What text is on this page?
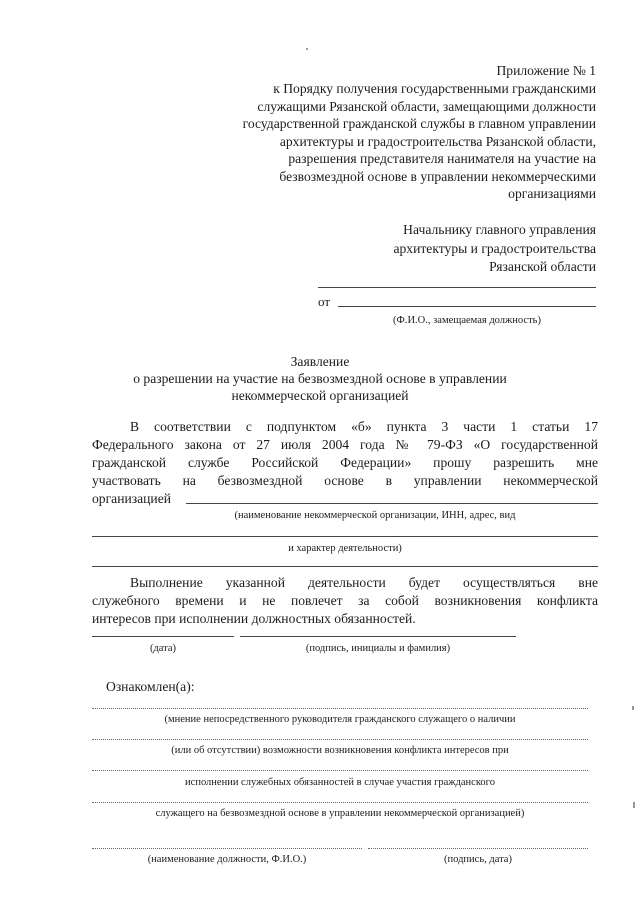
Приложение № 1
к Порядку получения государственными гражданскими
служащими Рязанской области, замещающими должности
государственной гражданской службы в главном управлении
архитектуры и градостроительства Рязанской области,
разрешения представителя нанимателя на участие на
безвозмездной основе в управлении некоммерческими
организациями
Начальнику главного управления
архитектуры и градостроительства
Рязанской области
от
(Ф.И.О., замещаемая должность)
Заявление
о разрешении на участие на безвозмездной основе в управлении
некоммерческой организацией
В соответствии с подпунктом «б» пункта 3 части 1 статьи 17
Федерального закона от 27 июля 2004 года № 79-ФЗ «О государственной
гражданской службе Российской Федерации» прошу разрешить мне
участвовать на безвозмездной основе в управлении некоммерческой
организацией
(наименование некоммерческой организации, ИНН, адрес, вид
и характер деятельности)
Выполнение указанной деятельности будет осуществляться вне
служебного времени и не повлечет за собой возникновения конфликта
интересов при исполнении должностных обязанностей.
(дата)	(подпись, инициалы и фамилия)
Ознакомлен(а):
(мнение непосредственного руководителя гражданского служащего о наличии
(или об отсутствии) возможности возникновения конфликта интересов при
исполнении служебных обязанностей в случае участия гражданского
служащего на безвозмездной основе в управлении некоммерческой организацией)
(наименование должности, Ф.И.О.)	(подпись, дата)
